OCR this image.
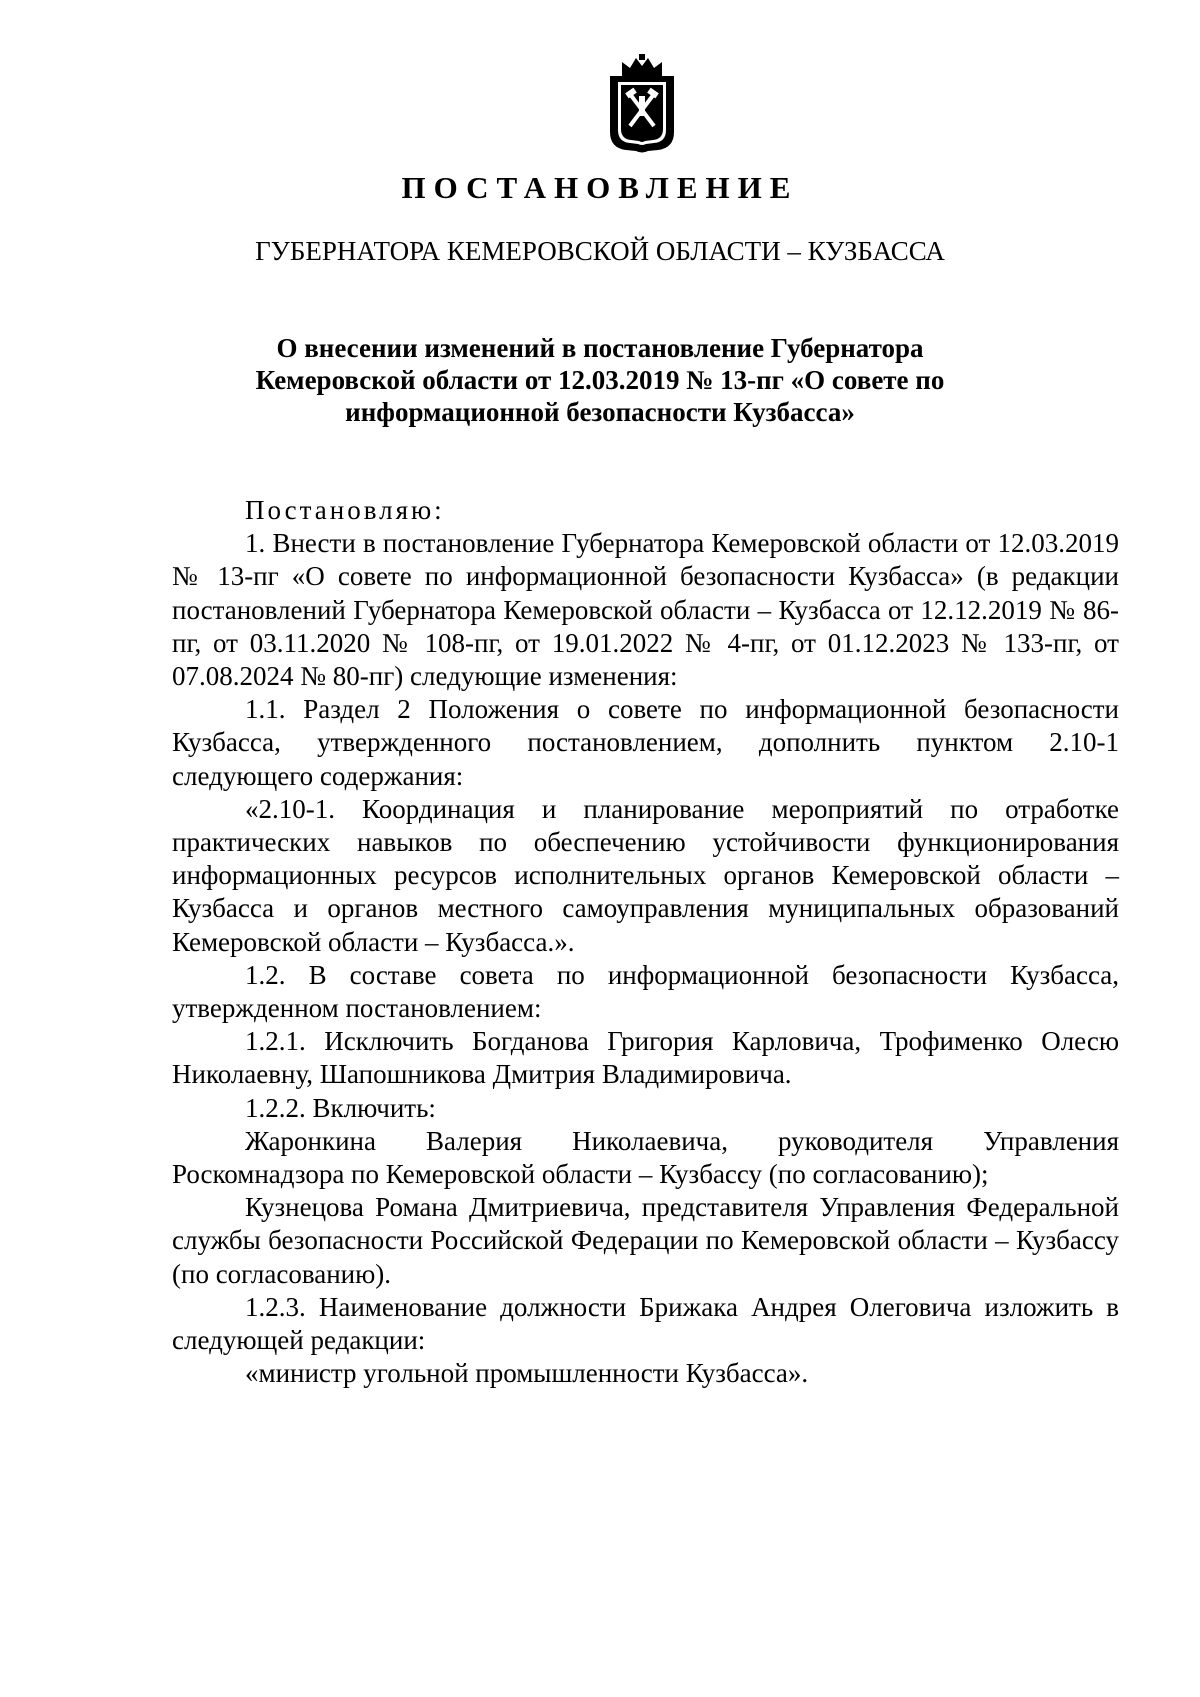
ПОСТАНОВЛЕНИЕ
ГУБЕРНАТОРА КЕМЕРОВСКОЙ ОБЛАСТИ – КУЗБАССА
О внесении изменений в постановление Губернатора
Кемеровской области от 12.03.2019 № 13-пг «О совете по
информационной безопасности Кузбасса»

Постановляю:

1. Внести в постановление Губернатора Кемеровской области от 12.03.2019 № 13-пг «О совете по информационной безопасности Кузбасса» (в редакции постановлений Губернатора Кемеровской области – Кузбасса от 12.12.2019 № 86-пг, от 03.11.2020 № 108-пг, от 19.01.2022 № 4-пг, от 01.12.2023 № 133-пг, от 07.08.2024 № 80-пг) следующие изменения:

1.1. Раздел 2 Положения о совете по информационной безопасности Кузбасса, утвержденного постановлением, дополнить пунктом 2.10-1 следующего содержания:

«2.10-1. Координация и планирование мероприятий по отработке практических навыков по обеспечению устойчивости функционирования информационных ресурсов исполнительных органов Кемеровской области – Кузбасса и органов местного самоуправления муниципальных образований Кемеровской области – Кузбасса.».

1.2. В составе совета по информационной безопасности Кузбасса, утвержденном постановлением:

1.2.1. Исключить Богданова Григория Карловича, Трофименко Олесю Николаевну, Шапошникова Дмитрия Владимировича.

1.2.2. Включить:

Жаронкина Валерия Николаевича, руководителя Управления Роскомнадзора по Кемеровской области – Кузбассу (по согласованию);

Кузнецова Романа Дмитриевича, представителя Управления Федеральной службы безопасности Российской Федерации по Кемеровской области – Кузбассу (по согласованию).

1.2.3. Наименование должности Брижака Андрея Олеговича изложить в следующей редакции:

«министр угольной промышленности Кузбасса».
